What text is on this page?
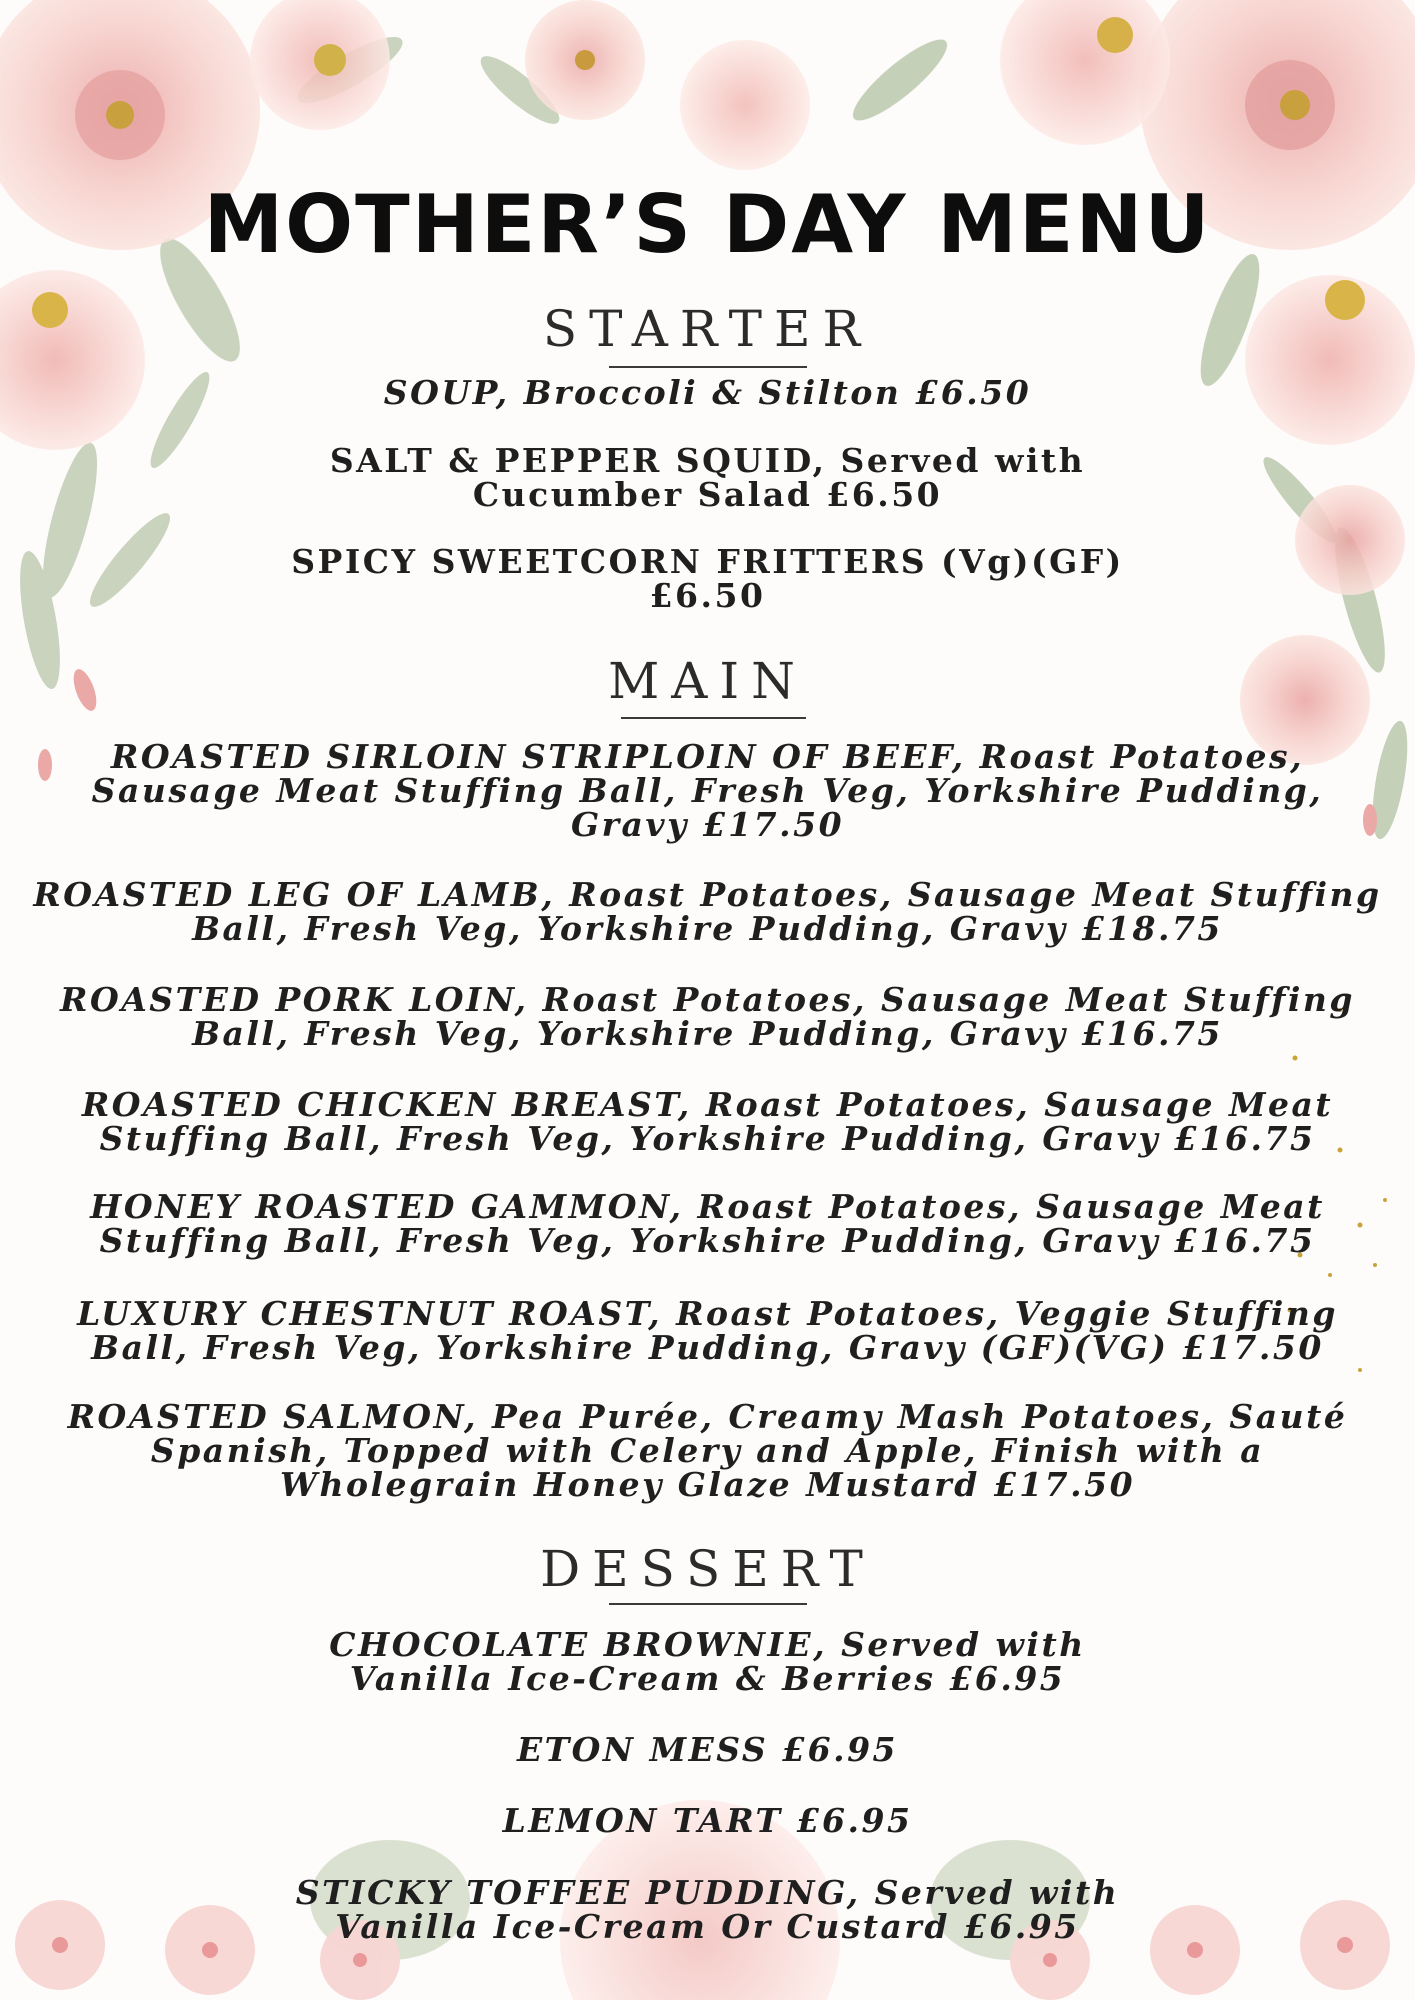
MOTHER’S DAY MENU
STARTER
SOUP, Broccoli & Stilton £6.50
SALT & PEPPER SQUID, Served with
Cucumber Salad £6.50
SPICY SWEETCORN FRITTERS (Vg)(GF)
£6.50
MAIN
ROASTED SIRLOIN STRIPLOIN OF BEEF, Roast Potatoes,
Sausage Meat Stuffing Ball, Fresh Veg, Yorkshire Pudding,
Gravy £17.50
ROASTED LEG OF LAMB, Roast Potatoes, Sausage Meat Stuffing
Ball, Fresh Veg, Yorkshire Pudding, Gravy £18.75
ROASTED PORK LOIN, Roast Potatoes, Sausage Meat Stuffing
Ball, Fresh Veg, Yorkshire Pudding, Gravy £16.75
ROASTED CHICKEN BREAST, Roast Potatoes, Sausage Meat
Stuffing Ball, Fresh Veg, Yorkshire Pudding, Gravy £16.75
HONEY ROASTED GAMMON, Roast Potatoes, Sausage Meat
Stuffing Ball, Fresh Veg, Yorkshire Pudding, Gravy £16.75
LUXURY CHESTNUT ROAST, Roast Potatoes, Veggie Stuffing
Ball, Fresh Veg, Yorkshire Pudding, Gravy (GF)(VG) £17.50
ROASTED SALMON, Pea Purée, Creamy Mash Potatoes, Sauté
Spanish, Topped with Celery and Apple, Finish with a
Wholegrain Honey Glaze Mustard £17.50
DESSERT
CHOCOLATE BROWNIE, Served with
Vanilla Ice-Cream & Berries £6.95
ETON MESS £6.95
LEMON TART £6.95
STICKY TOFFEE PUDDING, Served with
Vanilla Ice-Cream Or Custard £6.95
